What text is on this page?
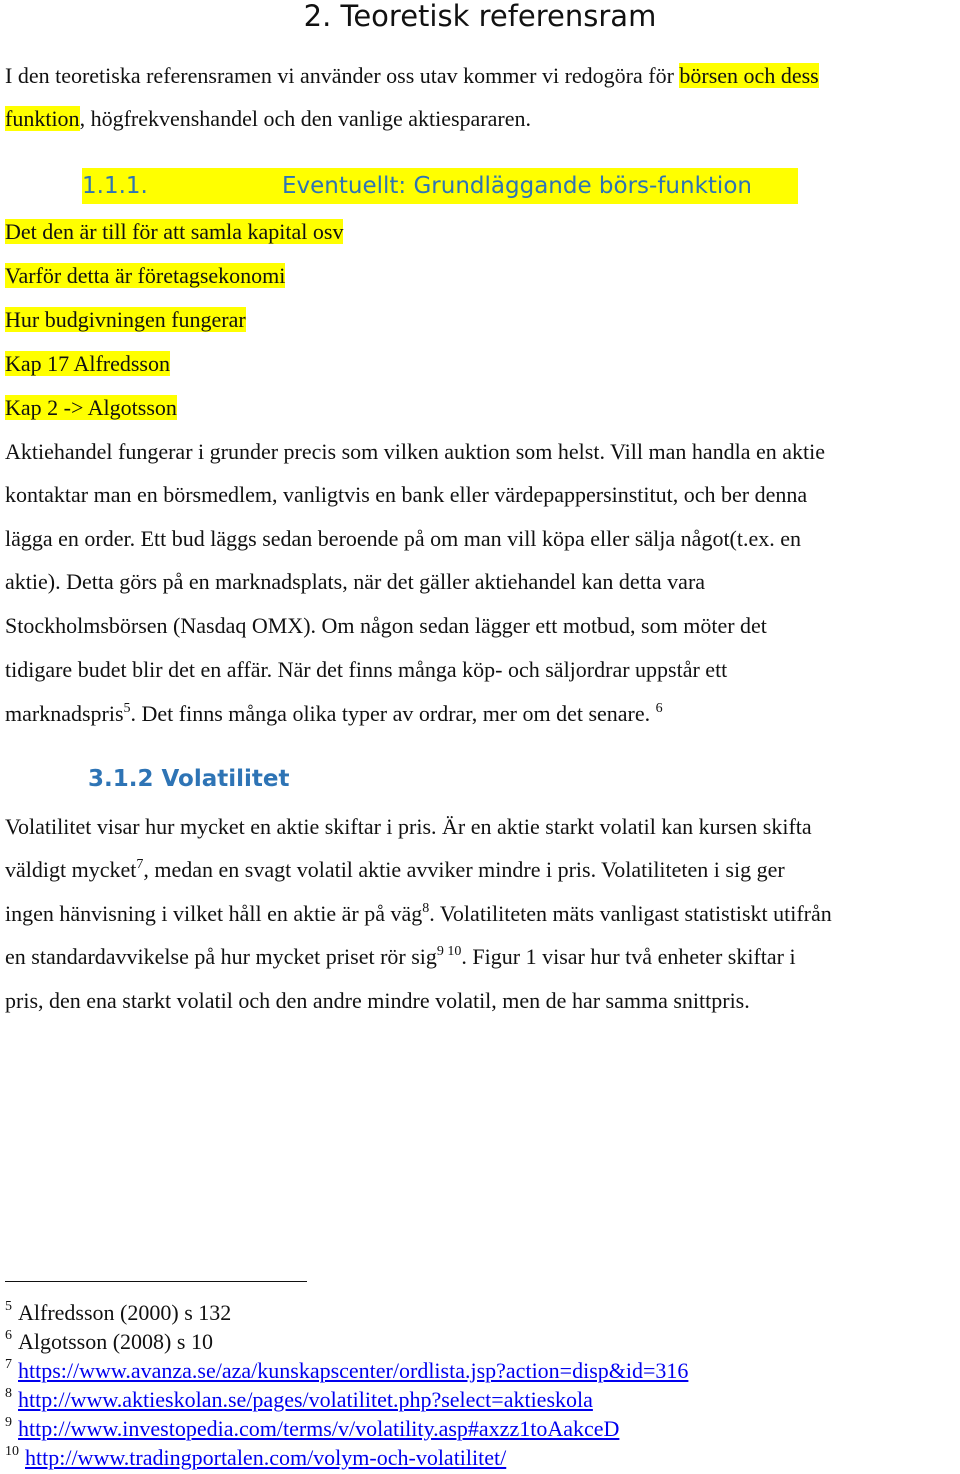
2. Teoretisk referensram
I den teoretiska referensramen vi använder oss utav kommer vi redogöra för börsen och dess
funktion, högfrekvenshandel och den vanlige aktiespararen.
1.1.1.	Eventuellt: Grundläggande börs-funktion
Det den är till för att samla kapital osv
Varför detta är företagsekonomi
Hur budgivningen fungerar
Kap 17 Alfredsson
Kap 2 -> Algotsson
Aktiehandel fungerar i grunder precis som vilken auktion som helst. Vill man handla en aktie
kontaktar man en börsmedlem, vanligtvis en bank eller värdepappersinstitut, och ber denna
lägga en order. Ett bud läggs sedan beroende på om man vill köpa eller sälja något(t.ex. en
aktie). Detta görs på en marknadsplats, när det gäller aktiehandel kan detta vara
Stockholmsbörsen (Nasdaq OMX). Om någon sedan lägger ett motbud, som möter det
tidigare budet blir det en affär. När det finns många köp- och säljordrar uppstår ett
marknadspris$^5$. Det finns många olika typer av ordrar, mer om det senare. $^6$
3.1.2 Volatilitet
Volatilitet visar hur mycket en aktie skiftar i pris. Är en aktie starkt volatil kan kursen skifta
väldigt mycket$^7$, medan en svagt volatil aktie avviker mindre i pris. Volatiliteten i sig ger
ingen hänvisning i vilket håll en aktie är på väg$^8$. Volatiliteten mäts vanligast statistiskt utifrån
en standardavvikelse på hur mycket priset rör sig$^{9 10}$. Figur 1 visar hur två enheter skiftar i
pris, den ena starkt volatil och den andre mindre volatil, men de har samma snittpris.
$^5$ Alfredsson (2000) s 132
$^6$ Algotsson (2008) s 10
$^7$ https://www.avanza.se/aza/kunskapscenter/ordlista.jsp?action=disp&id=316
$^8$ http://www.aktieskolan.se/pages/volatilitet.php?select=aktieskola
$^9$ http://www.investopedia.com/terms/v/volatility.asp#axzz1toAakceD
$^{10}$ http://www.tradingportalen.com/volym-och-volatilitet/
